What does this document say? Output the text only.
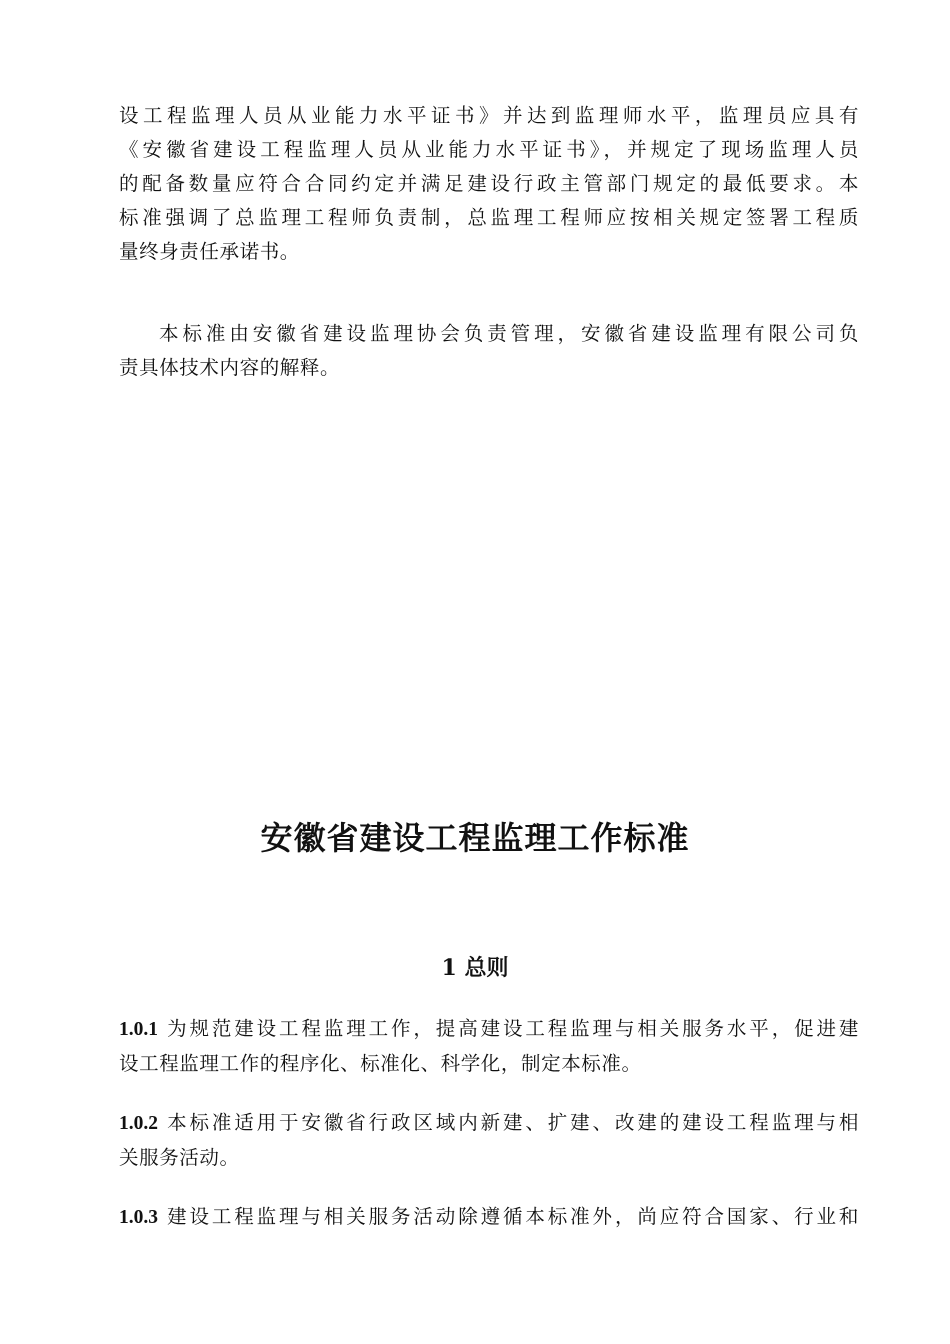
设工程监理人员从业能力水平证书》并达到监理师水平，监理员应具有
《安徽省建设工程监理人员从业能力水平证书》，并规定了现场监理人员
的配备数量应符合合同约定并满足建设行政主管部门规定的最低要求。本
标准强调了总监理工程师负责制，总监理工程师应按相关规定签署工程质
量终身责任承诺书。
本标准由安徽省建设监理协会负责管理，安徽省建设监理有限公司负
责具体技术内容的解释。
安徽省建设工程监理工作标准
1 总则
1.0.1 为规范建设工程监理工作，提高建设工程监理与相关服务水平，促进建
设工程监理工作的程序化、标准化、科学化，制定本标准。
1.0.2 本标准适用于安徽省行政区域内新建、扩建、改建的建设工程监理与相
关服务活动。
1.0.3 建设工程监理与相关服务活动除遵循本标准外，尚应符合国家、行业和
